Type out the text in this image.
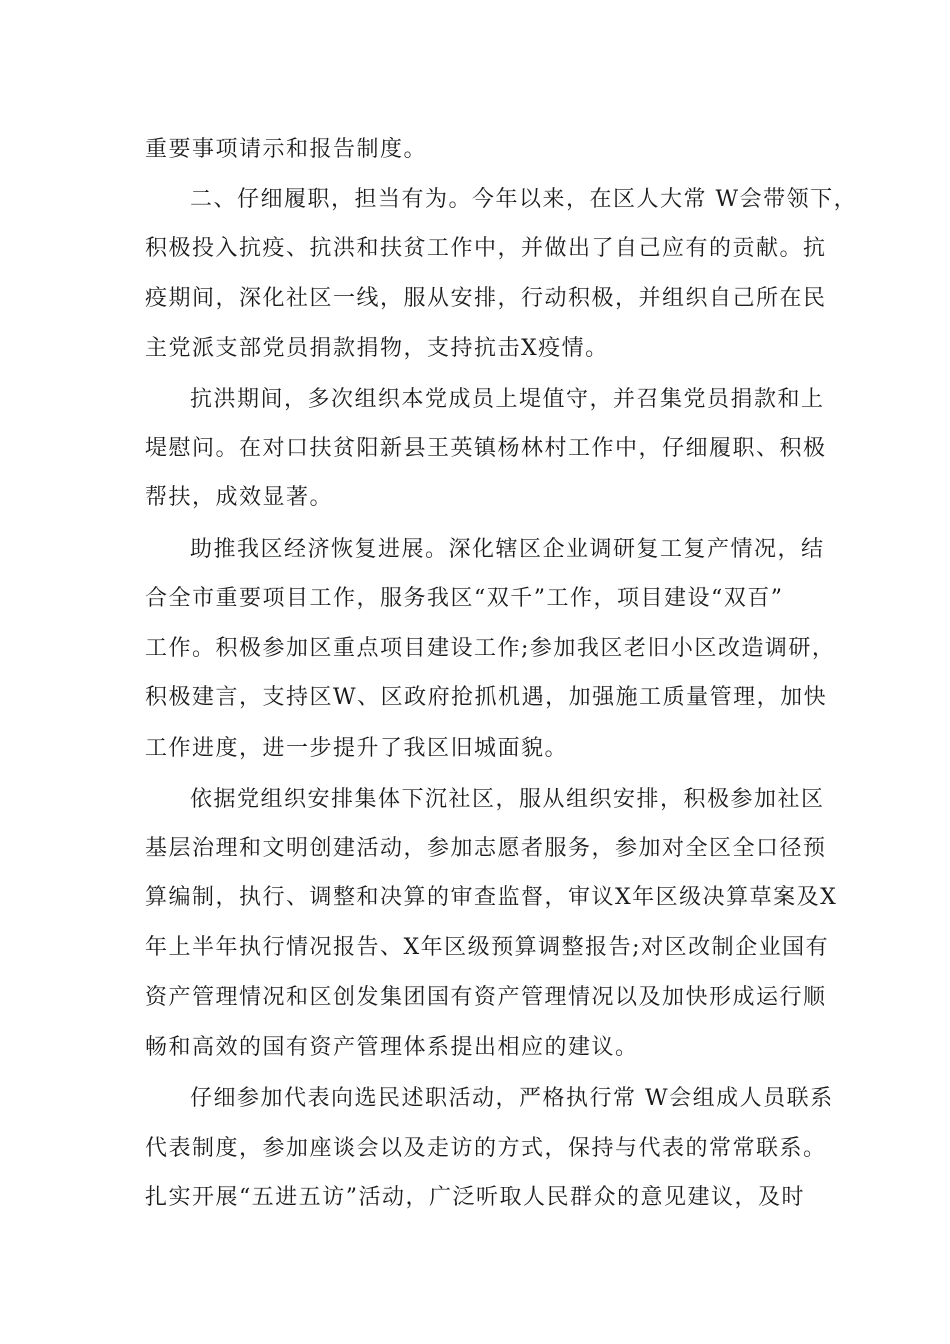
重要事项请示和报告制度。
二、仔细履职，担当有为。今年以来，在区人大常 W会带领下，
积极投入抗疫、抗洪和扶贫工作中，并做出了自己应有的贡献。抗
疫期间，深化社区一线，服从安排，行动积极，并组织自己所在民
主党派支部党员捐款捐物，支持抗击X疫情。
抗洪期间，多次组织本党成员上堤值守，并召集党员捐款和上
堤慰问。在对口扶贫阳新县王英镇杨林村工作中，仔细履职、积极
帮扶，成效显著。
助推我区经济恢复进展。深化辖区企业调研复工复产情况，结
合全市重要项目工作，服务我区“双千”工作，项目建设“双百”
工作。积极参加区重点项目建设工作;参加我区老旧小区改造调研，
积极建言，支持区W、区政府抢抓机遇，加强施工质量管理，加快
工作进度，进一步提升了我区旧城面貌。
依据党组织安排集体下沉社区，服从组织安排，积极参加社区
基层治理和文明创建活动，参加志愿者服务，参加对全区全口径预
算编制，执行、调整和决算的审查监督，审议X年区级决算草案及X
年上半年执行情况报告、X年区级预算调整报告;对区改制企业国有
资产管理情况和区创发集团国有资产管理情况以及加快形成运行顺
畅和高效的国有资产管理体系提出相应的建议。
仔细参加代表向选民述职活动，严格执行常 W会组成人员联系
代表制度，参加座谈会以及走访的方式，保持与代表的常常联系。
扎实开展“五进五访”活动，广泛听取人民群众的意见建议，及时
